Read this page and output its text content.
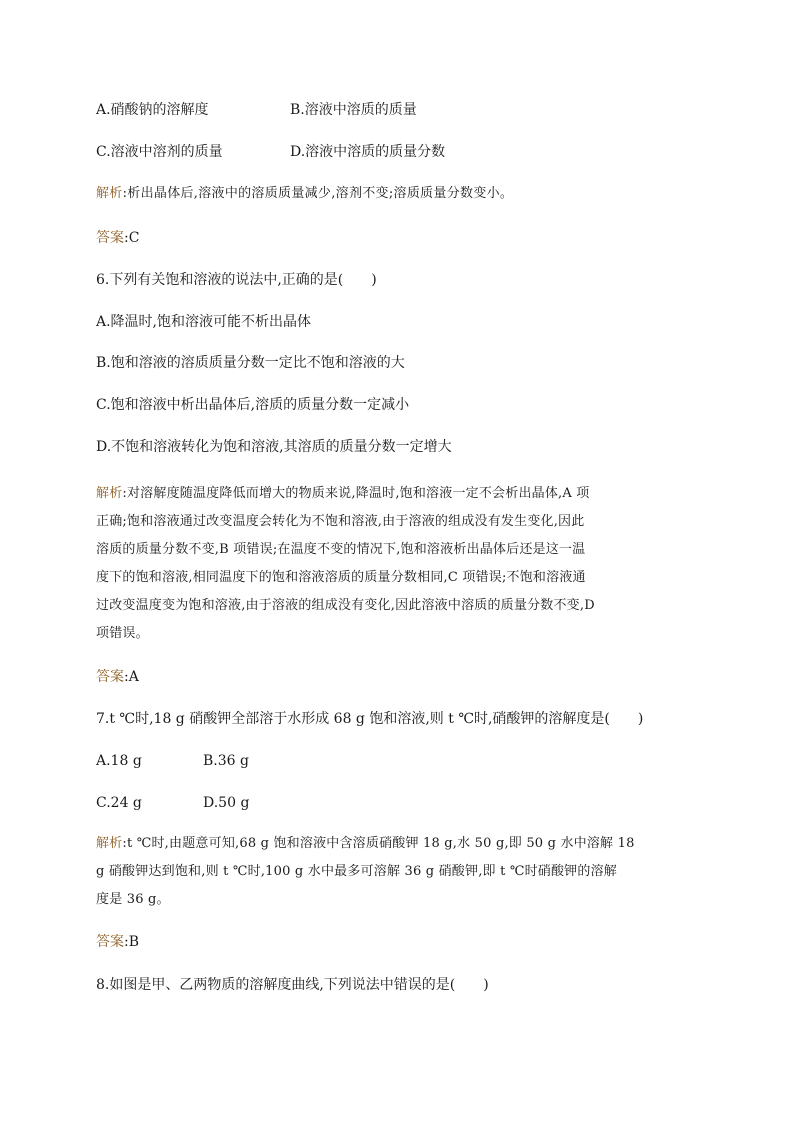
A.硝酸钠的溶解度	B.溶液中溶质的质量
C.溶液中溶剂的质量	D.溶液中溶质的质量分数
解析:析出晶体后,溶液中的溶质质量减少,溶剂不变;溶质质量分数变小。
答案:C
6.下列有关饱和溶液的说法中,正确的是(　　)
A.降温时,饱和溶液可能不析出晶体
B.饱和溶液的溶质质量分数一定比不饱和溶液的大
C.饱和溶液中析出晶体后,溶质的质量分数一定减小
D.不饱和溶液转化为饱和溶液,其溶质的质量分数一定增大
解析:对溶解度随温度降低而增大的物质来说,降温时,饱和溶液一定不会析出晶体,A 项
正确;饱和溶液通过改变温度会转化为不饱和溶液,由于溶液的组成没有发生变化,因此
溶质的质量分数不变,B 项错误;在温度不变的情况下,饱和溶液析出晶体后还是这一温
度下的饱和溶液,相同温度下的饱和溶液溶质的质量分数相同,C 项错误;不饱和溶液通
过改变温度变为饱和溶液,由于溶液的组成没有变化,因此溶液中溶质的质量分数不变,D
项错误。
答案:A
7.t ℃时,18 g 硝酸钾全部溶于水形成 68 g 饱和溶液,则 t ℃时,硝酸钾的溶解度是(　　)
A.18 g	B.36 g
C.24 g	D.50 g
解析:t ℃时,由题意可知,68 g 饱和溶液中含溶质硝酸钾 18 g,水 50 g,即 50 g 水中溶解 18
g 硝酸钾达到饱和,则 t ℃时,100 g 水中最多可溶解 36 g 硝酸钾,即 t ℃时硝酸钾的溶解
度是 36 g。
答案:B
8.如图是甲、乙两物质的溶解度曲线,下列说法中错误的是(　　)
